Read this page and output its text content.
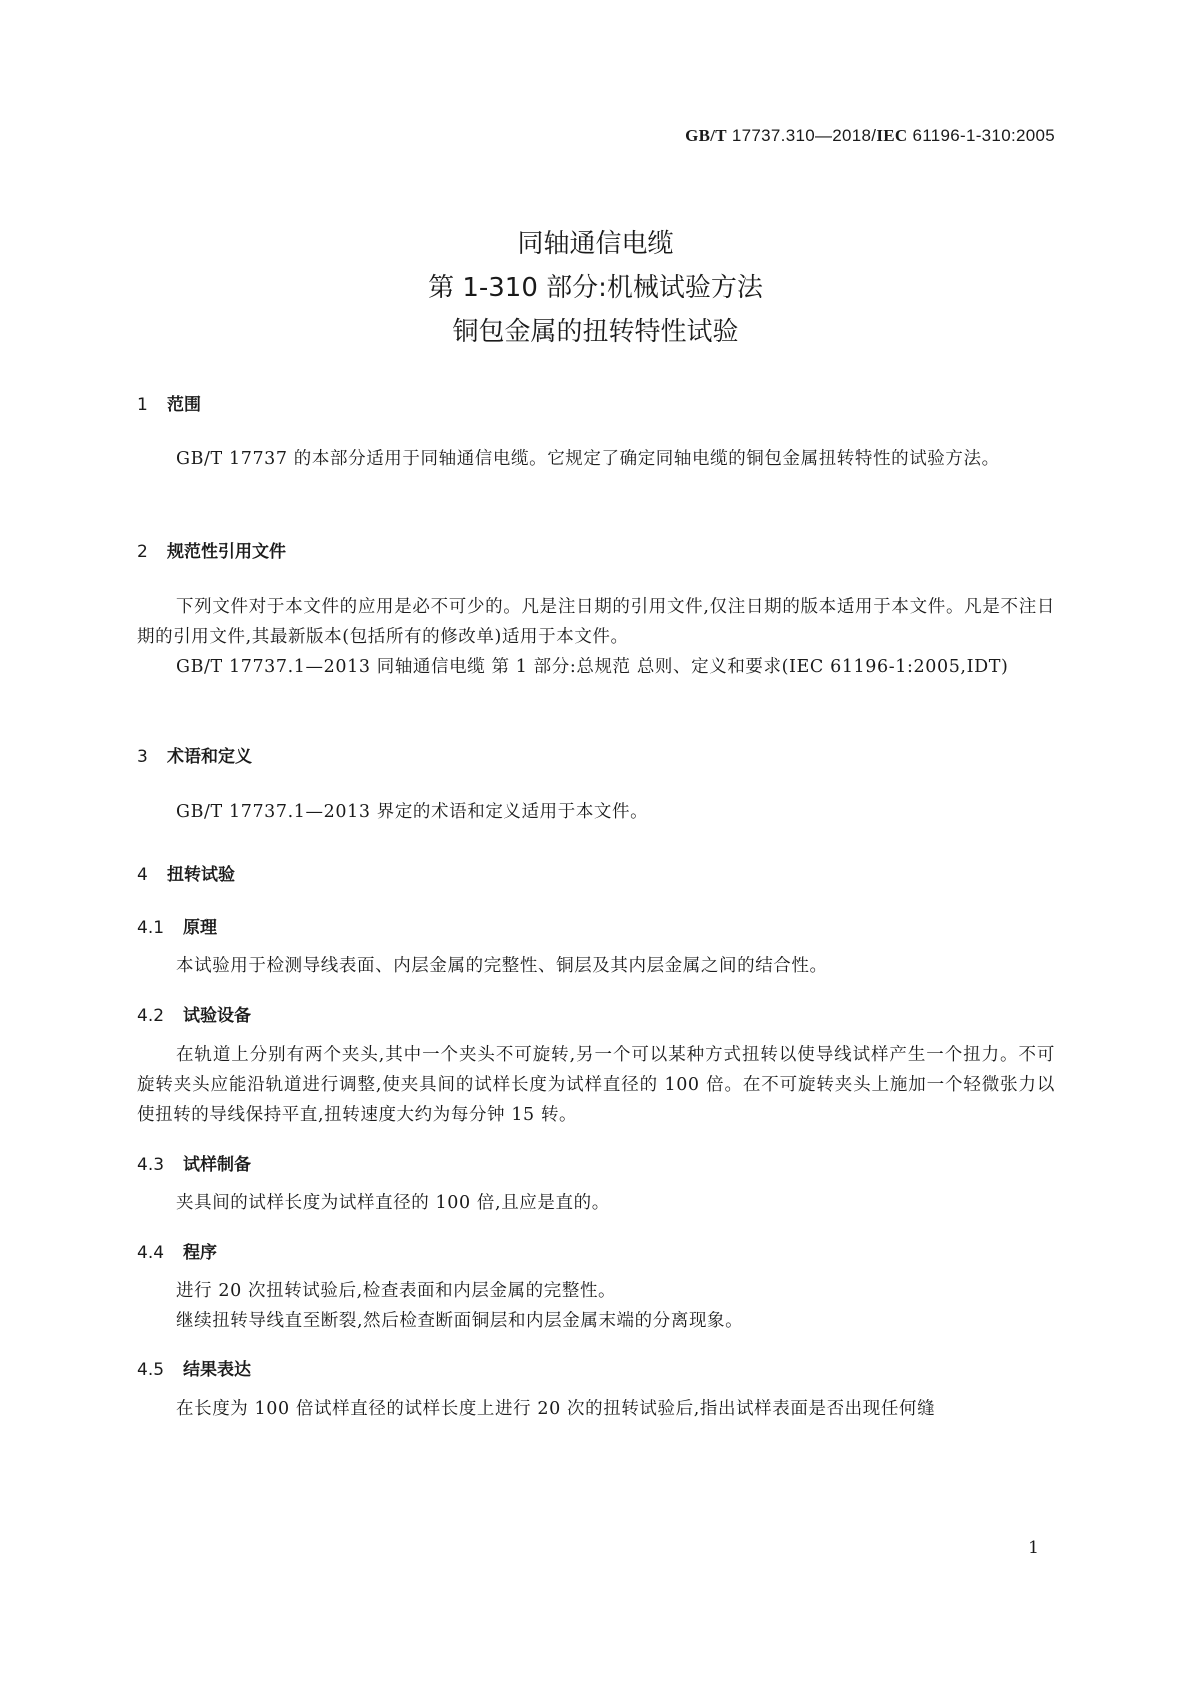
GB/T 17737.310—2018/IEC 61196-1-310:2005
同轴通信电缆
第 1-310 部分:机械试验方法
铜包金属的扭转特性试验
1 范围
GB/T 17737 的本部分适用于同轴通信电缆。它规定了确定同轴电缆的铜包金属扭转特性的试验方法。
2 规范性引用文件
下列文件对于本文件的应用是必不可少的。凡是注日期的引用文件,仅注日期的版本适用于本文件。凡是不注日期的引用文件,其最新版本(包括所有的修改单)适用于本文件。
GB/T 17737.1—2013 同轴通信电缆 第 1 部分:总规范 总则、定义和要求(IEC 61196-1:2005,IDT)
3 术语和定义
GB/T 17737.1—2013 界定的术语和定义适用于本文件。
4 扭转试验
4.1 原理
本试验用于检测导线表面、内层金属的完整性、铜层及其内层金属之间的结合性。
4.2 试验设备
在轨道上分别有两个夹头,其中一个夹头不可旋转,另一个可以某种方式扭转以使导线试样产生一个扭力。不可旋转夹头应能沿轨道进行调整,使夹具间的试样长度为试样直径的 100 倍。在不可旋转夹头上施加一个轻微张力以使扭转的导线保持平直,扭转速度大约为每分钟 15 转。
4.3 试样制备
夹具间的试样长度为试样直径的 100 倍,且应是直的。
4.4 程序
进行 20 次扭转试验后,检查表面和内层金属的完整性。
继续扭转导线直至断裂,然后检查断面铜层和内层金属末端的分离现象。
4.5 结果表达
在长度为 100 倍试样直径的试样长度上进行 20 次的扭转试验后,指出试样表面是否出现任何缝
1
